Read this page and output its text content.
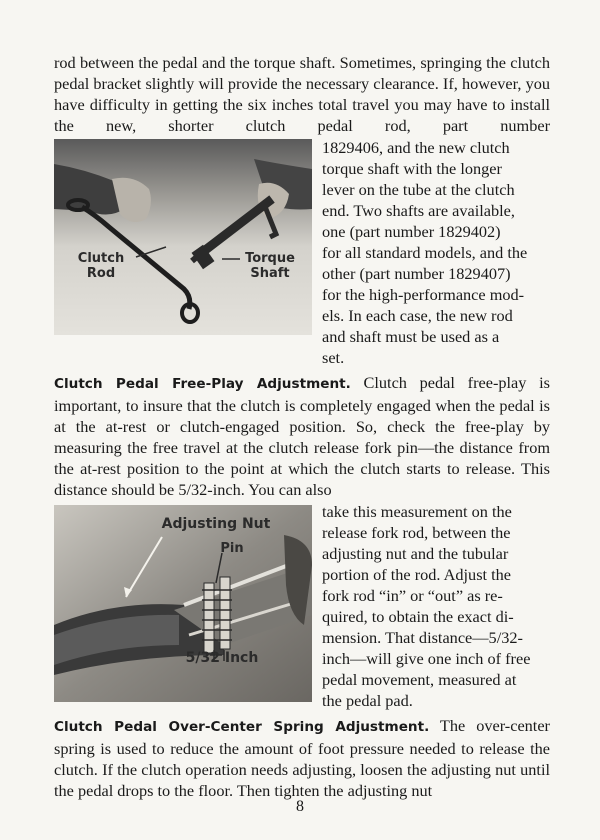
rod between the pedal and the torque shaft. Sometimes, springing the clutch pedal bracket slightly will provide the necessary clearance. If, however, you have difficulty in getting the six inches total travel you may have to install the new, shorter clutch pedal rod, part number

Clutch
Rod
Torque
Shaft
1829406, and the new clutch
torque shaft with the longer
lever on the tube at the clutch
end. Two shafts are available,
one (part number 1829402)
for all standard models, and the
other (part number 1829407)
for the high-performance mod-
els. In each case, the new rod
and shaft must be used as a
set.

Clutch Pedal Free-Play Adjustment. Clutch pedal free-play is important, to insure that the clutch is completely engaged when the pedal is at the at-rest or clutch-engaged position. So, check the free-play by measuring the free travel at the clutch release fork pin—the distance from the at-rest position to the point at which the clutch starts to release. This distance should be 5/32-inch. You can also

Adjusting Nut
Pin
5/32 Inch
take this measurement on the
release fork rod, between the
adjusting nut and the tubular
portion of the rod. Adjust the
fork rod “in” or “out” as re-
quired, to obtain the exact di-
mension. That distance—5/32-
inch—will give one inch of free
pedal movement, measured at
the pedal pad.

Clutch Pedal Over-Center Spring Adjustment. The over-center spring is used to reduce the amount of foot pressure needed to release the clutch. If the clutch operation needs adjusting, loosen the adjusting nut until the pedal drops to the floor. Then tighten the adjusting nut

8
